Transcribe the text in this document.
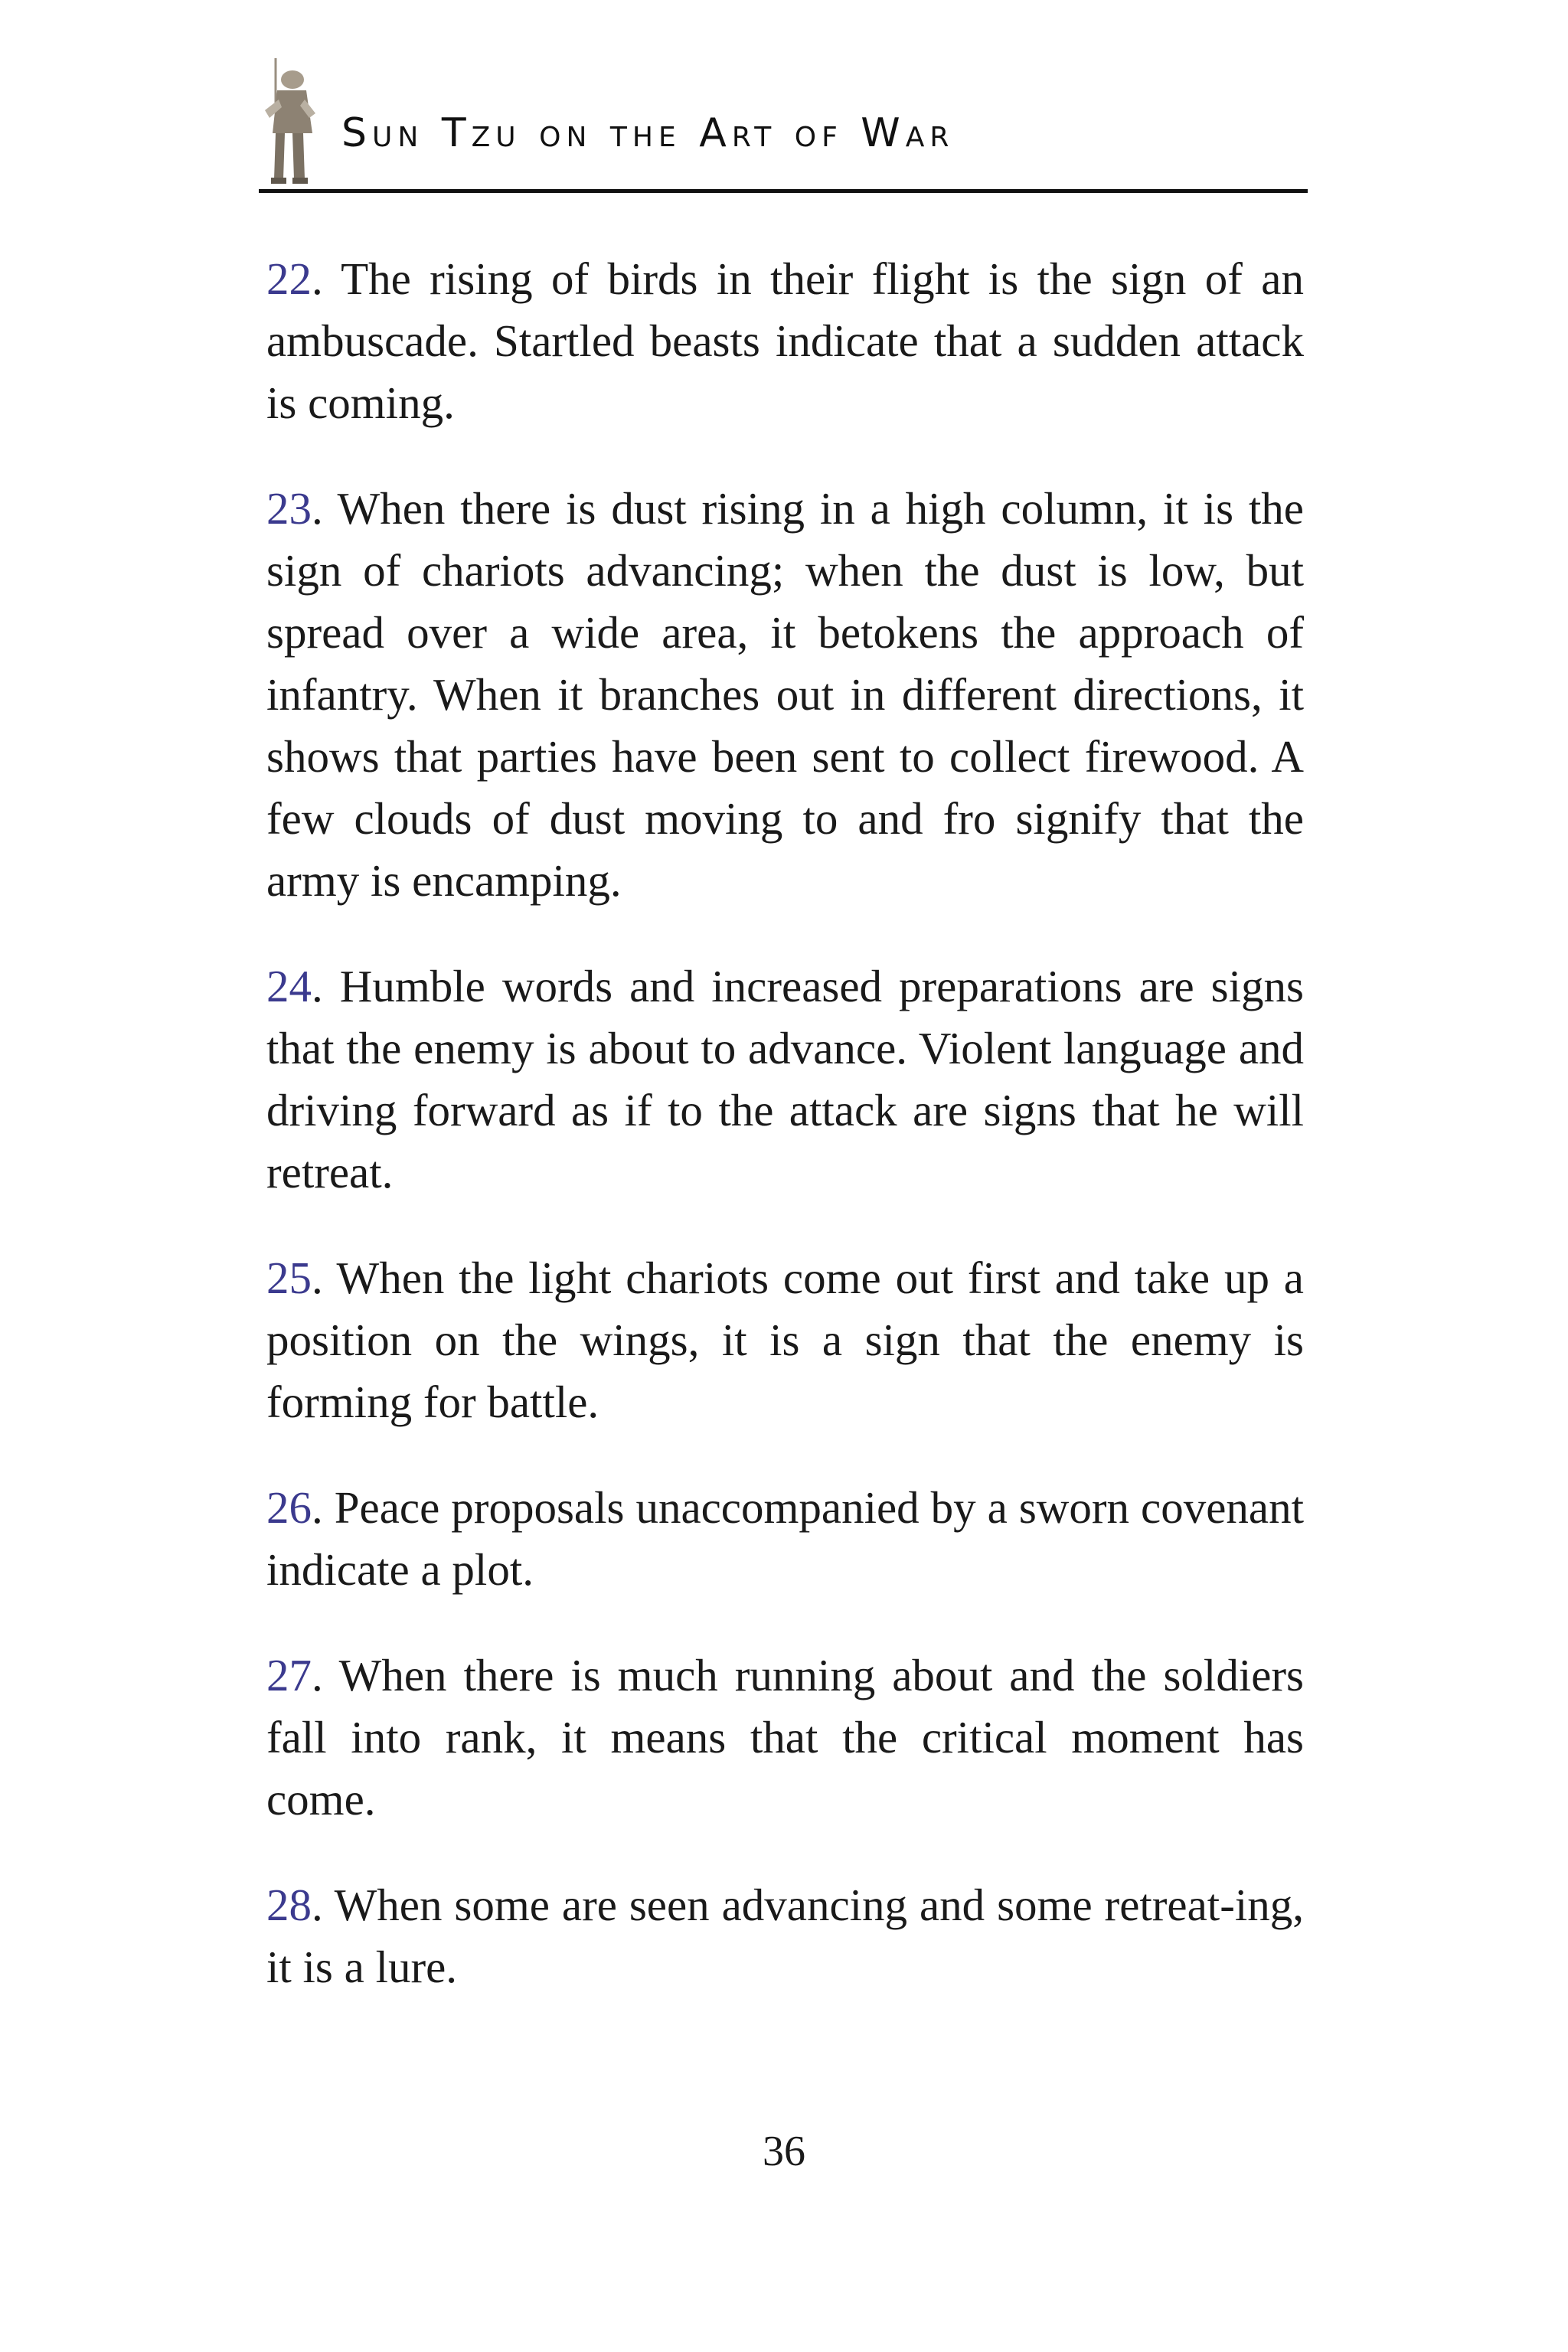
Sun Tzu on the Art of War

22. The rising of birds in their flight is the sign of an ambuscade. Startled beasts indicate that a sudden attack is coming.

23. When there is dust rising in a high column, it is the sign of chariots advancing; when the dust is low, but spread over a wide area, it betokens the approach of infantry. When it branches out in different directions, it shows that parties have been sent to collect firewood. A few clouds of dust moving to and fro signify that the army is encamping.

24. Humble words and increased preparations are signs that the enemy is about to advance. Violent language and driving forward as if to the attack are signs that he will retreat.

25. When the light chariots come out first and take up a position on the wings, it is a sign that the enemy is forming for battle.

26. Peace proposals unaccompanied by a sworn covenant indicate a plot.

27. When there is much running about and the soldiers fall into rank, it means that the critical moment has come.

28. When some are seen advancing and some retreat-ing, it is a lure.

36
